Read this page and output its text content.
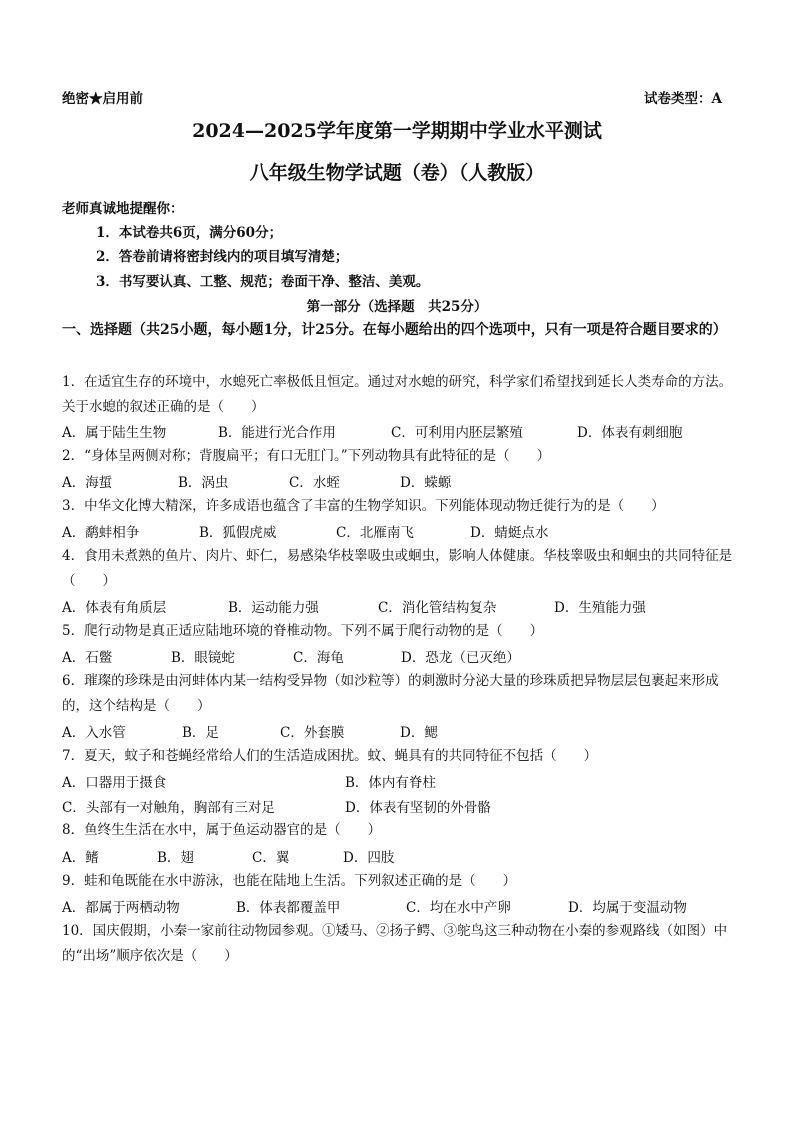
绝密★启用前	试卷类型：A
2024—2025学年度第一学期期中学业水平测试
八年级生物学试题（卷）（人教版）
老师真诚地提醒你：
1．本试卷共6页，满分60分；
2．答卷前请将密封线内的项目填写清楚；
3．书写要认真、工整、规范；卷面干净、整洁、美观。
第一部分（选择题　共25分）
一、选择题（共25小题，每小题1分，计25分。在每小题给出的四个选项中，只有一项是符合题目要求的）
1．在适宜生存的环境中，水螅死亡率极低且恒定。通过对水螅的研究，科学家们希望找到延长人类寿命的方法。关于水螅的叙述正确的是（　　）
A．属于陆生生物	B．能进行光合作用	C．可利用内胚层繁殖	D．体表有刺细胞
2．“身体呈两侧对称；背腹扁平；有口无肛门。”下列动物具有此特征的是（　　）
A．海蜇	B．涡虫	C．水蛭	D．蝾螈
3．中华文化博大精深，许多成语也蕴含了丰富的生物学知识。下列能体现动物迁徙行为的是（　　）
A．鹬蚌相争	B．狐假虎威	C．北雁南飞	D．蜻蜓点水
4．食用未煮熟的鱼片、肉片、虾仁，易感染华枝睾吸虫或蛔虫，影响人体健康。华枝睾吸虫和蛔虫的共同特征是（　　）
A．体表有角质层	B．运动能力强	C．消化管结构复杂	D．生殖能力强
5．爬行动物是真正适应陆地环境的脊椎动物。下列不属于爬行动物的是（　　）
A．石鳖	B．眼镜蛇	C．海龟	D．恐龙（已灭绝）
6．璀璨的珍珠是由河蚌体内某一结构受异物（如沙粒等）的刺激时分泌大量的珍珠质把异物层层包裹起来形成的，这个结构是（　　）
A．入水管	B．足	C．外套膜	D．鳃
7．夏天，蚊子和苍蝇经常给人们的生活造成困扰。蚊、蝇具有的共同特征不包括（　　）
A．口器用于摄食	B．体内有脊柱
C．头部有一对触角，胸部有三对足	D．体表有坚韧的外骨骼
8．鱼终生生活在水中，属于鱼运动器官的是（　　）
A．鳍	B．翅	C．翼	D．四肢
9．蛙和龟既能在水中游泳，也能在陆地上生活。下列叙述正确的是（　　）
A．都属于两栖动物	B．体表都覆盖甲	C．均在水中产卵	D．均属于变温动物
10．国庆假期，小秦一家前往动物园参观。①矮马、②扬子鳄、③鸵鸟这三种动物在小秦的参观路线（如图）中的“出场”顺序依次是（　　）
